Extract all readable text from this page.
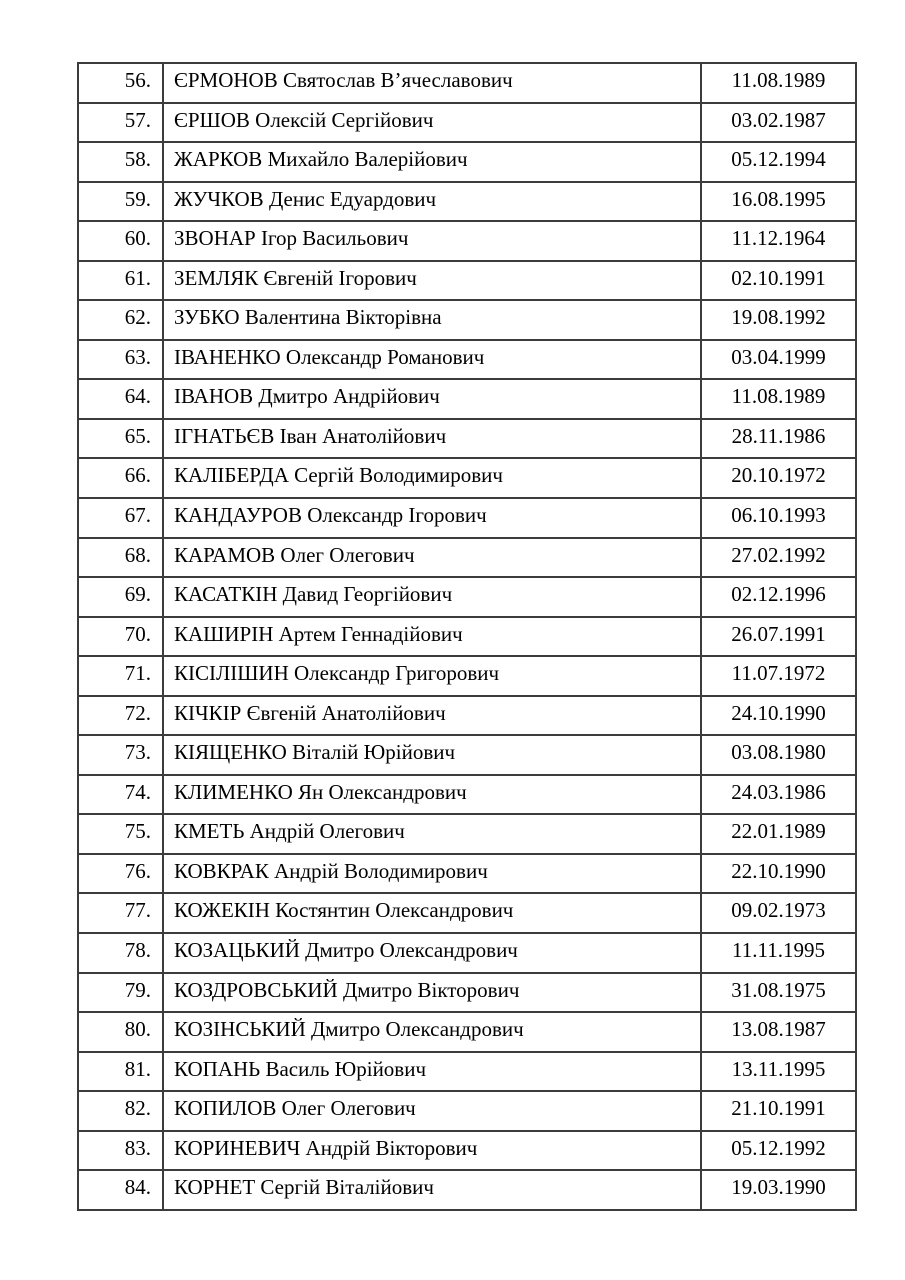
56.	ЄРМОНОВ Святослав В’ячеславович	11.08.1989
57.	ЄРШОВ Олексій Сергійович	03.02.1987
58.	ЖАРКОВ Михайло Валерійович	05.12.1994
59.	ЖУЧКОВ Денис Едуардович	16.08.1995
60.	ЗВОНАР Ігор Васильович	11.12.1964
61.	ЗЕМЛЯК Євгеній Ігорович	02.10.1991
62.	ЗУБКО Валентина Вікторівна	19.08.1992
63.	ІВАНЕНКО Олександр Романович	03.04.1999
64.	ІВАНОВ Дмитро Андрійович	11.08.1989
65.	ІГНАТЬЄВ Іван Анатолійович	28.11.1986
66.	КАЛІБЕРДА Сергій Володимирович	20.10.1972
67.	КАНДАУРОВ Олександр Ігорович	06.10.1993
68.	КАРАМОВ Олег Олегович	27.02.1992
69.	КАСАТКІН Давид Георгійович	02.12.1996
70.	КАШИРІН Артем Геннадійович	26.07.1991
71.	КІСІЛІШИН Олександр Григорович	11.07.1972
72.	КІЧКІР Євгеній Анатолійович	24.10.1990
73.	КІЯЩЕНКО Віталій Юрійович	03.08.1980
74.	КЛИМЕНКО Ян Олександрович	24.03.1986
75.	КМЕТЬ Андрій Олегович	22.01.1989
76.	КОВКРАК Андрій Володимирович	22.10.1990
77.	КОЖЕКІН Костянтин Олександрович	09.02.1973
78.	КОЗАЦЬКИЙ Дмитро Олександрович	11.11.1995
79.	КОЗДРОВСЬКИЙ Дмитро Вікторович	31.08.1975
80.	КОЗІНСЬКИЙ Дмитро Олександрович	13.08.1987
81.	КОПАНЬ Василь Юрійович	13.11.1995
82.	КОПИЛОВ Олег Олегович	21.10.1991
83.	КОРИНЕВИЧ Андрій Вікторович	05.12.1992
84.	КОРНЕТ Сергій Віталійович	19.03.1990
